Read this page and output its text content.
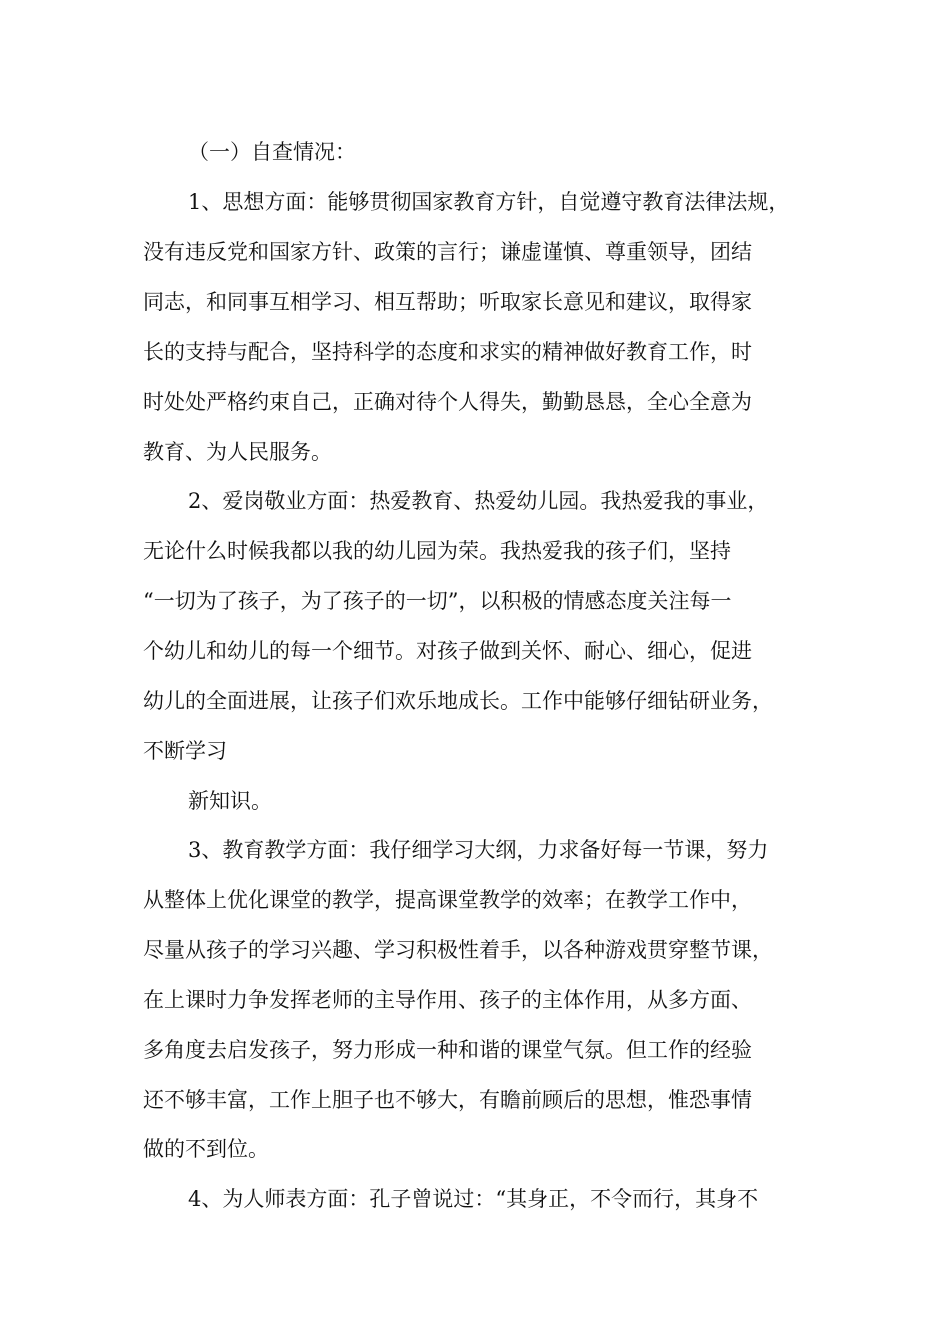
（一）自查情况：
1、思想方面：能够贯彻国家教育方针，自觉遵守教育法律法规，
没有违反党和国家方针、政策的言行；谦虚谨慎、尊重领导，团结
同志，和同事互相学习、相互帮助；听取家长意见和建议，取得家
长的支持与配合，坚持科学的态度和求实的精神做好教育工作，时
时处处严格约束自己，正确对待个人得失，勤勤恳恳，全心全意为
教育、为人民服务。
2、爱岗敬业方面：热爱教育、热爱幼儿园。我热爱我的事业，
无论什么时候我都以我的幼儿园为荣。我热爱我的孩子们，坚持
“一切为了孩子，为了孩子的一切”，以积极的情感态度关注每一
个幼儿和幼儿的每一个细节。对孩子做到关怀、耐心、细心，促进
幼儿的全面进展，让孩子们欢乐地成长。工作中能够仔细钻研业务，
不断学习
新知识。
3、教育教学方面：我仔细学习大纲，力求备好每一节课，努力
从整体上优化课堂的教学，提高课堂教学的效率；在教学工作中，
尽量从孩子的学习兴趣、学习积极性着手，以各种游戏贯穿整节课，
在上课时力争发挥老师的主导作用、孩子的主体作用，从多方面、
多角度去启发孩子，努力形成一种和谐的课堂气氛。但工作的经验
还不够丰富，工作上胆子也不够大，有瞻前顾后的思想，惟恐事情
做的不到位。
4、为人师表方面：孔子曾说过：“其身正，不令而行，其身不
